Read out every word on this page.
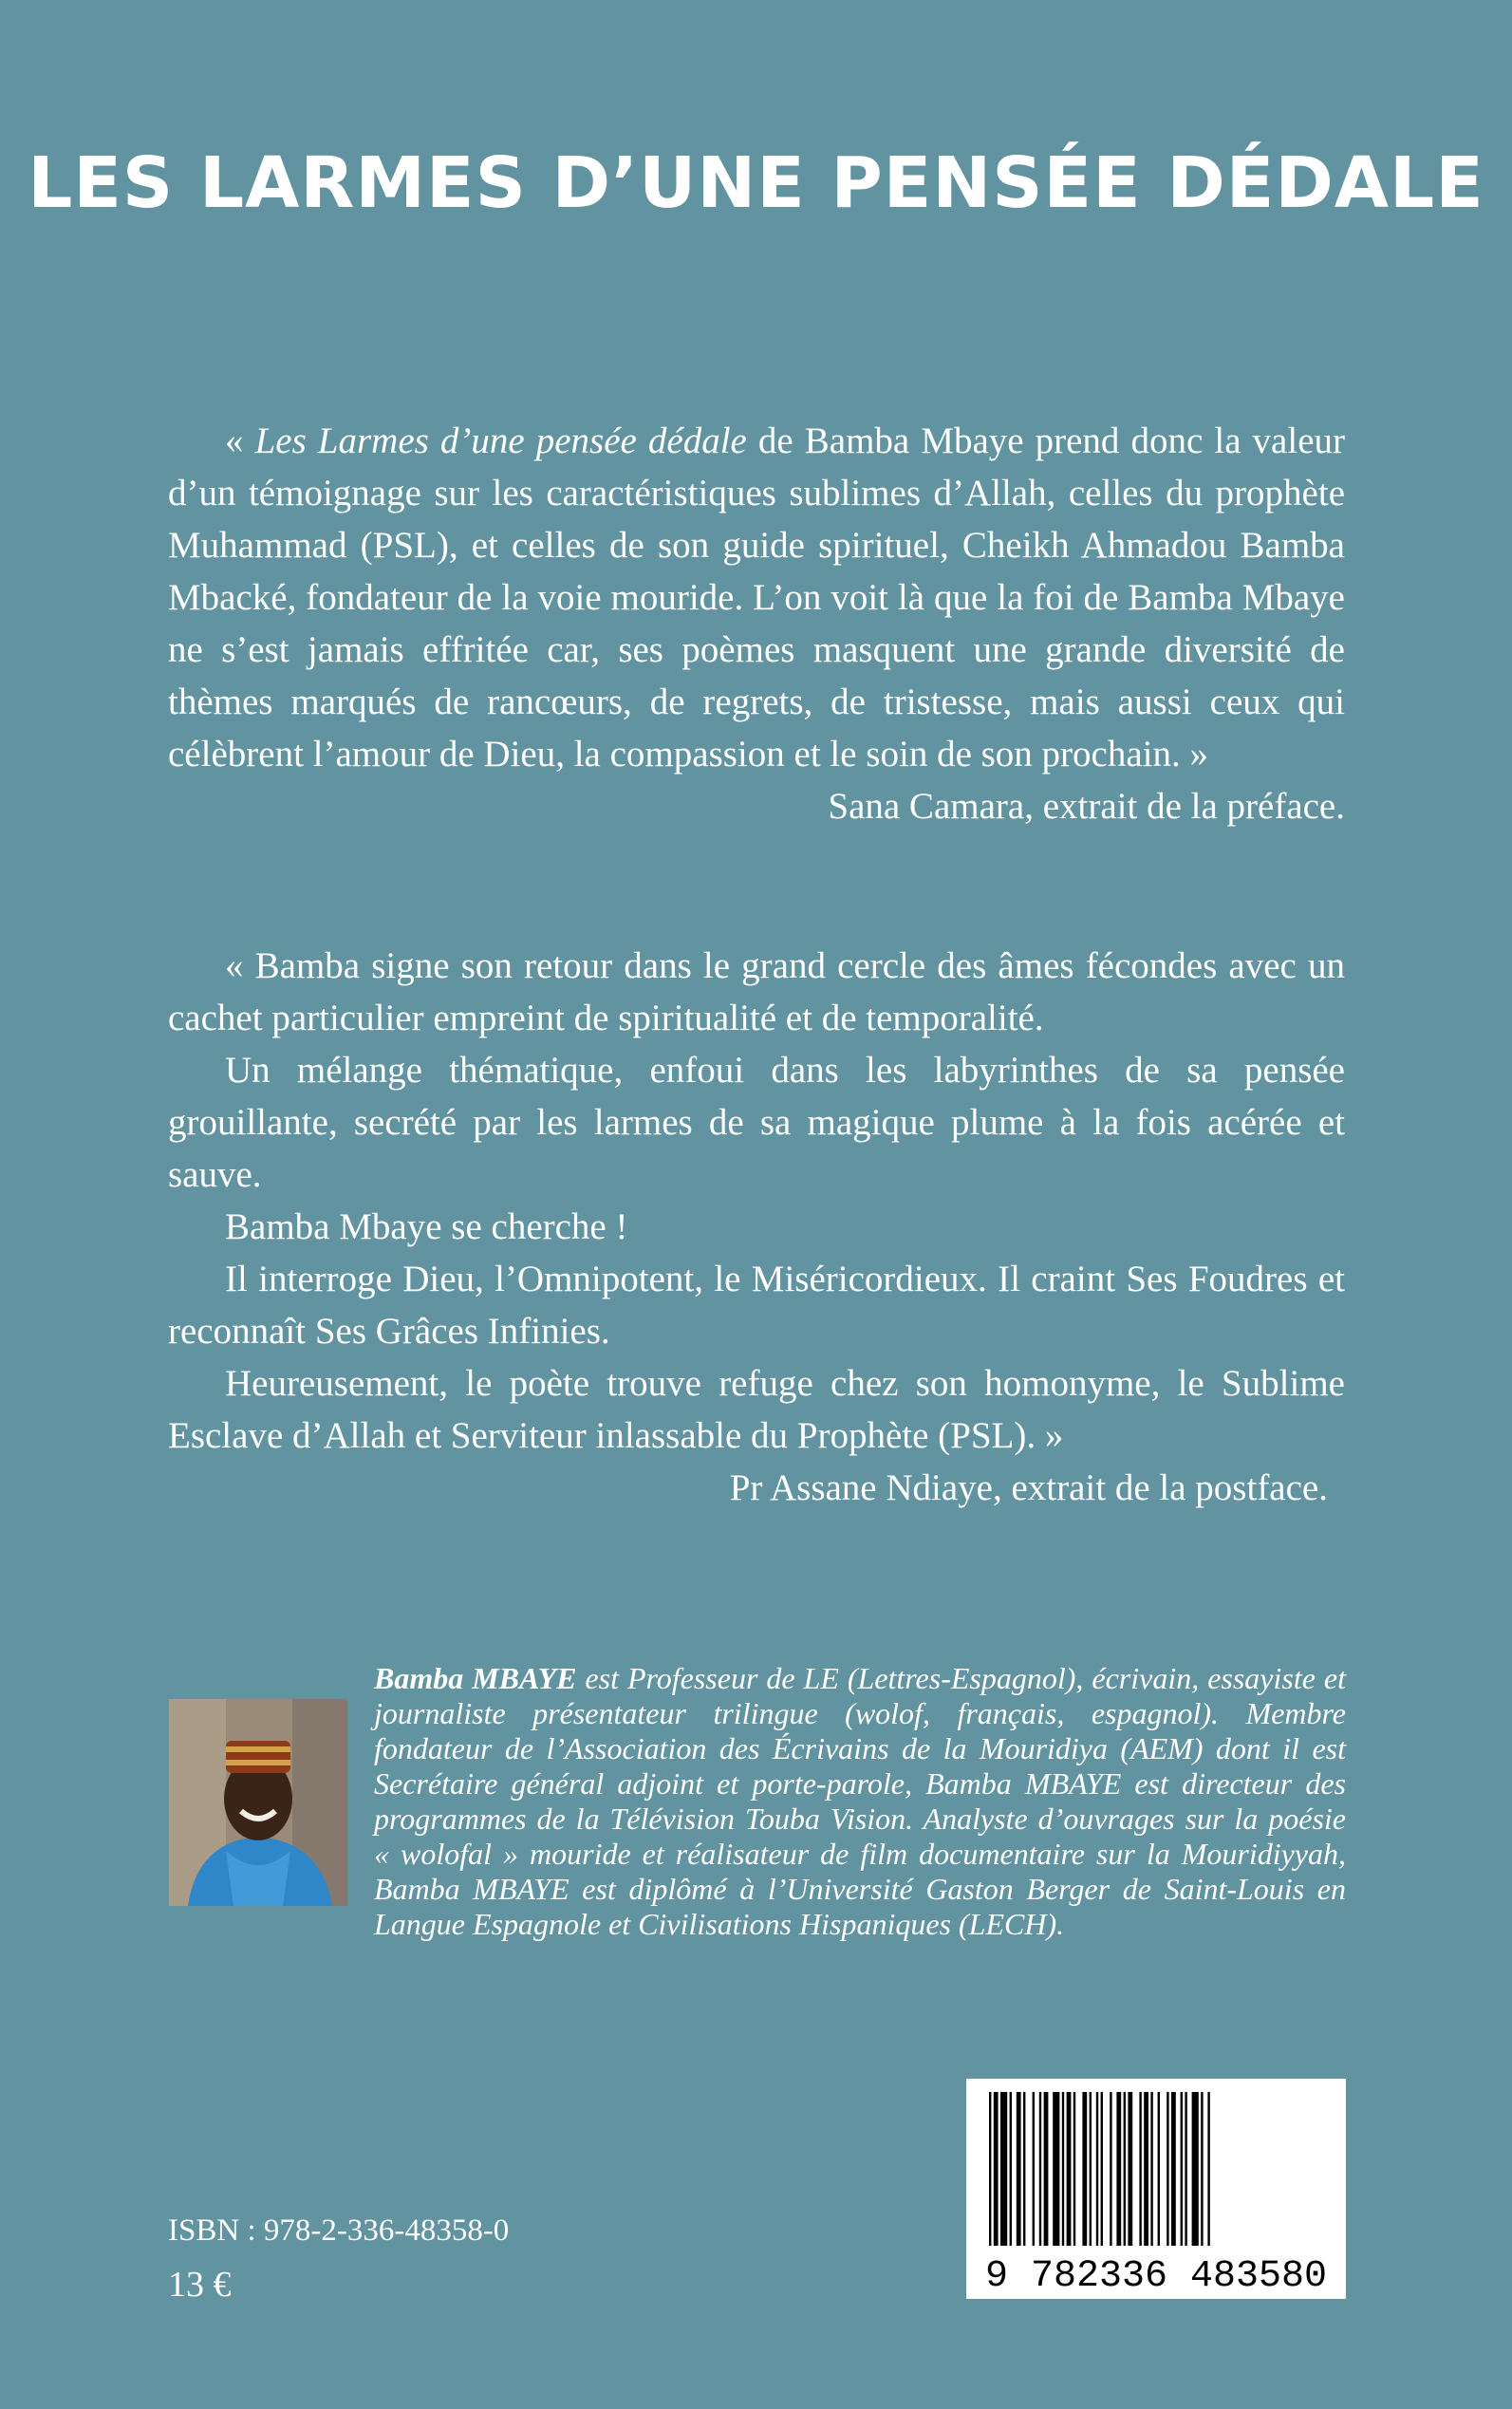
LES LARMES D’UNE PENSÉE DÉDALE

« Les Larmes d’une pensée dédale de Bamba Mbaye prend donc la valeur d’un témoignage sur les caractéristiques sublimes d’Allah, celles du prophète Muhammad (PSL), et celles de son guide spirituel, Cheikh Ahmadou Bamba Mbacké, fondateur de la voie mouride. L’on voit là que la foi de Bamba Mbaye ne s’est jamais effritée car, ses poèmes masquent une grande diversité de thèmes marqués de rancœurs, de regrets, de tristesse, mais aussi ceux qui célèbrent l’amour de Dieu, la compassion et le soin de son prochain. »

Sana Camara, extrait de la préface.

« Bamba signe son retour dans le grand cercle des âmes fécondes avec un cachet particulier empreint de spiritualité et de temporalité.

Un mélange thématique, enfoui dans les labyrinthes de sa pensée grouillante, secrété par les larmes de sa magique plume à la fois acérée et sauve.

Bamba Mbaye se cherche !

Il interroge Dieu, l’Omnipotent, le Miséricordieux. Il craint Ses Foudres et reconnaît Ses Grâces Infinies.

Heureusement, le poète trouve refuge chez son homonyme, le Sublime Esclave d’Allah et Serviteur inlassable du Prophète (PSL). »

Pr Assane Ndiaye, extrait de la postface.

Bamba MBAYE est Professeur de LE (Lettres-Espagnol), écrivain, essayiste et journaliste présentateur trilingue (wolof, français, espagnol). Membre fondateur de l’Association des Écrivains de la Mouridiya (AEM) dont il est Secrétaire général adjoint et porte-parole, Bamba MBAYE est directeur des programmes de la Télévision Touba Vision. Analyste d’ouvrages sur la poésie « wolofal » mouride et réalisateur de film documentaire sur la Mouridiyyah, Bamba MBAYE est diplômé à l’Université Gaston Berger de Saint-Louis en Langue Espagnole et Civilisations Hispaniques (LECH).

9 782336 483580
ISBN : 978-2-336-48358-0
13 €
